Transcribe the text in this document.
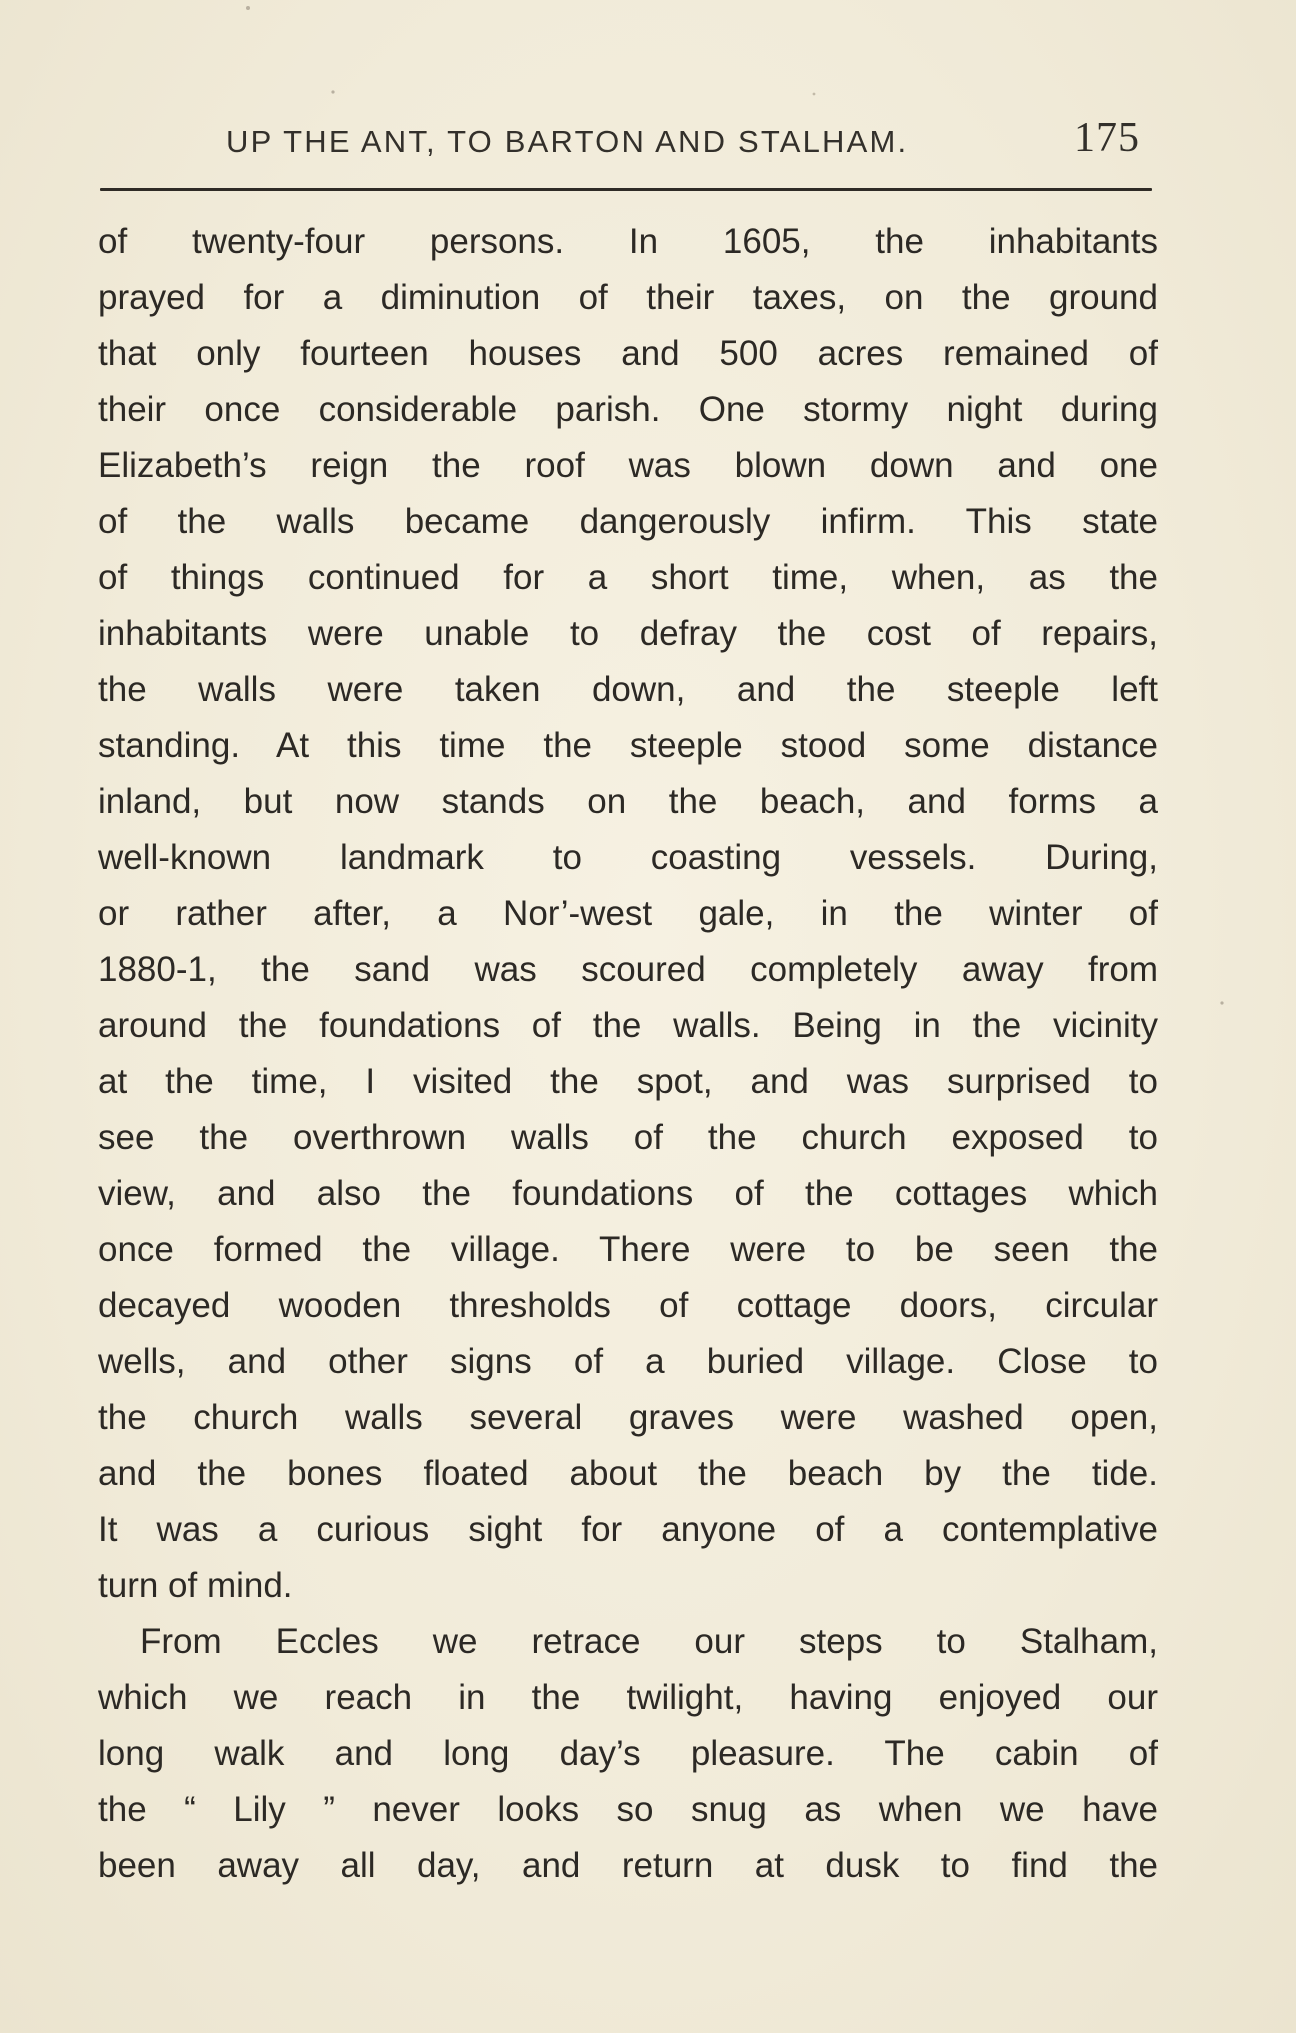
UP THE ANT, TO BARTON AND STALHAM.	175
of twenty-four persons. In 1605, the inhabitants
prayed for a diminution of their taxes, on the ground
that only fourteen houses and 500 acres remained of
their once considerable parish. One stormy night during
Elizabeth’s reign the roof was blown down and one
of the walls became dangerously infirm. This state
of things continued for a short time, when, as the
inhabitants were unable to defray the cost of repairs,
the walls were taken down, and the steeple left
standing. At this time the steeple stood some distance
inland, but now stands on the beach, and forms a
well-known landmark to coasting vessels. During,
or rather after, a Nor’-west gale, in the winter of
1880-1, the sand was scoured completely away from
around the foundations of the walls. Being in the vicinity
at the time, I visited the spot, and was surprised to
see the overthrown walls of the church exposed to
view, and also the foundations of the cottages which
once formed the village. There were to be seen the
decayed wooden thresholds of cottage doors, circular
wells, and other signs of a buried village. Close to
the church walls several graves were washed open,
and the bones floated about the beach by the tide.
It was a curious sight for anyone of a contemplative
turn of mind.
From Eccles we retrace our steps to Stalham,
which we reach in the twilight, having enjoyed our
long walk and long day’s pleasure. The cabin of
the “ Lily ” never looks so snug as when we have
been away all day, and return at dusk to find the
